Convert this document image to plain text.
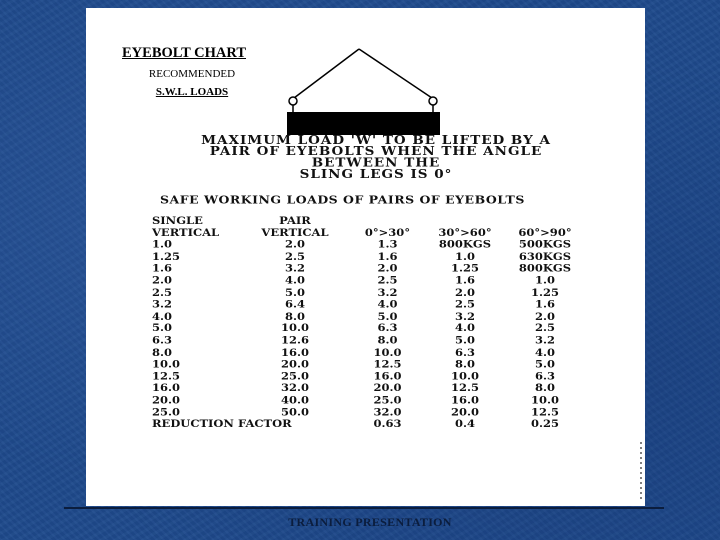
EYEBOLT CHART
RECOMMENDED
S.W.L. LOADS
MAXIMUM LOAD 'W' TO BE LIFTED BY A
PAIR OF EYEBOLTS WHEN THE ANGLE
BETWEEN THE
SLING LEGS IS 0°
SAFE WORKING LOADS OF PAIRS OF EYEBOLTS
SINGLE	PAIR			
VERTICAL	VERTICAL	0°>30°	30°>60°	60°>90°
1.0	2.0	1.3	800KGS	500KGS
1.25	2.5	1.6	1.0	630KGS
1.6	3.2	2.0	1.25	800KGS
2.0	4.0	2.5	1.6	1.0
2.5	5.0	3.2	2.0	1.25
3.2	6.4	4.0	2.5	1.6
4.0	8.0	5.0	3.2	2.0
5.0	10.0	6.3	4.0	2.5
6.3	12.6	8.0	5.0	3.2
8.0	16.0	10.0	6.3	4.0
10.0	20.0	12.5	8.0	5.0
12.5	25.0	16.0	10.0	6.3
16.0	32.0	20.0	12.5	8.0
20.0	40.0	25.0	16.0	10.0
25.0	50.0	32.0	20.0	12.5
REDUCTION FACTOR		0.63	0.4	0.25
TRAINING PRESENTATION
